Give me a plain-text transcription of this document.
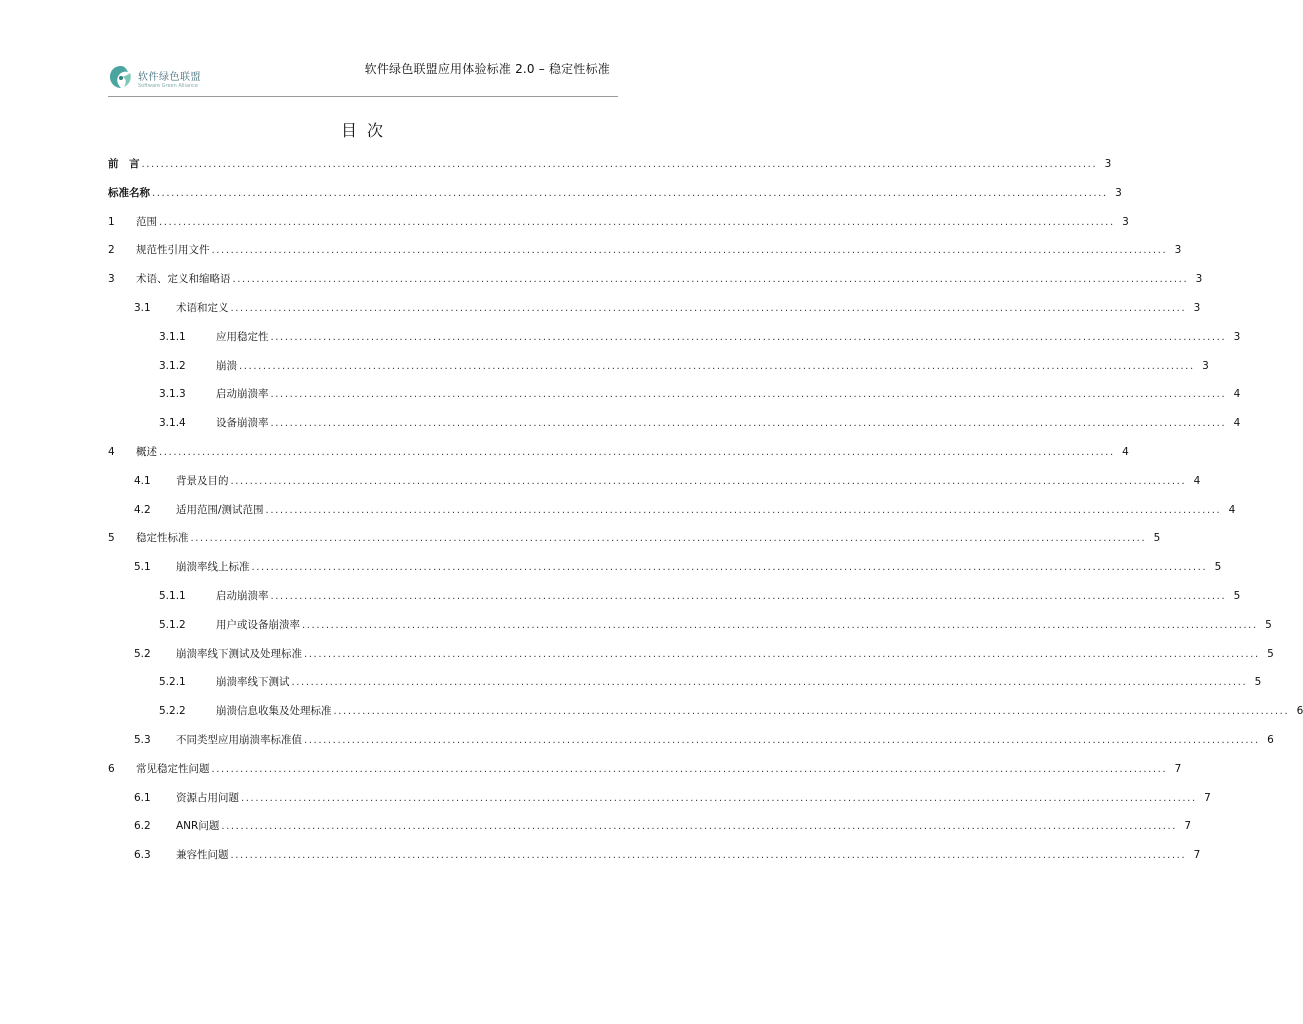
软件绿色联盟
Software Green Alliance
软件绿色联盟应用体验标准 2.0 – 稳定性标准
目次
前　言 ........................................................................................................................................................................................................ 3
标准名称 ........................................................................................................................................................................................................ 3
1	范围 ........................................................................................................................................................................................................ 3
2	规范性引用文件 ........................................................................................................................................................................................................ 3
3	术语、定义和缩略语 ........................................................................................................................................................................................................ 3
3.1	术语和定义 ........................................................................................................................................................................................................ 3
3.1.1	应用稳定性 ........................................................................................................................................................................................................ 3
3.1.2	崩溃 ........................................................................................................................................................................................................ 3
3.1.3	启动崩溃率 ........................................................................................................................................................................................................ 4
3.1.4	设备崩溃率 ........................................................................................................................................................................................................ 4
4	概述 ........................................................................................................................................................................................................ 4
4.1	背景及目的 ........................................................................................................................................................................................................ 4
4.2	适用范围/测试范围 ........................................................................................................................................................................................................ 4
5	稳定性标准 ........................................................................................................................................................................................................ 5
5.1	崩溃率线上标准 ........................................................................................................................................................................................................ 5
5.1.1	启动崩溃率 ........................................................................................................................................................................................................ 5
5.1.2	用户或设备崩溃率 ........................................................................................................................................................................................................ 5
5.2	崩溃率线下测试及处理标准 ........................................................................................................................................................................................................ 5
5.2.1	崩溃率线下测试 ........................................................................................................................................................................................................ 5
5.2.2	崩溃信息收集及处理标准 ........................................................................................................................................................................................................ 6
5.3	不同类型应用崩溃率标准值 ........................................................................................................................................................................................................ 6
6	常见稳定性问题 ........................................................................................................................................................................................................ 7
6.1	资源占用问题 ........................................................................................................................................................................................................ 7
6.2	ANR问题 ........................................................................................................................................................................................................ 7
6.3	兼容性问题 ........................................................................................................................................................................................................ 7
